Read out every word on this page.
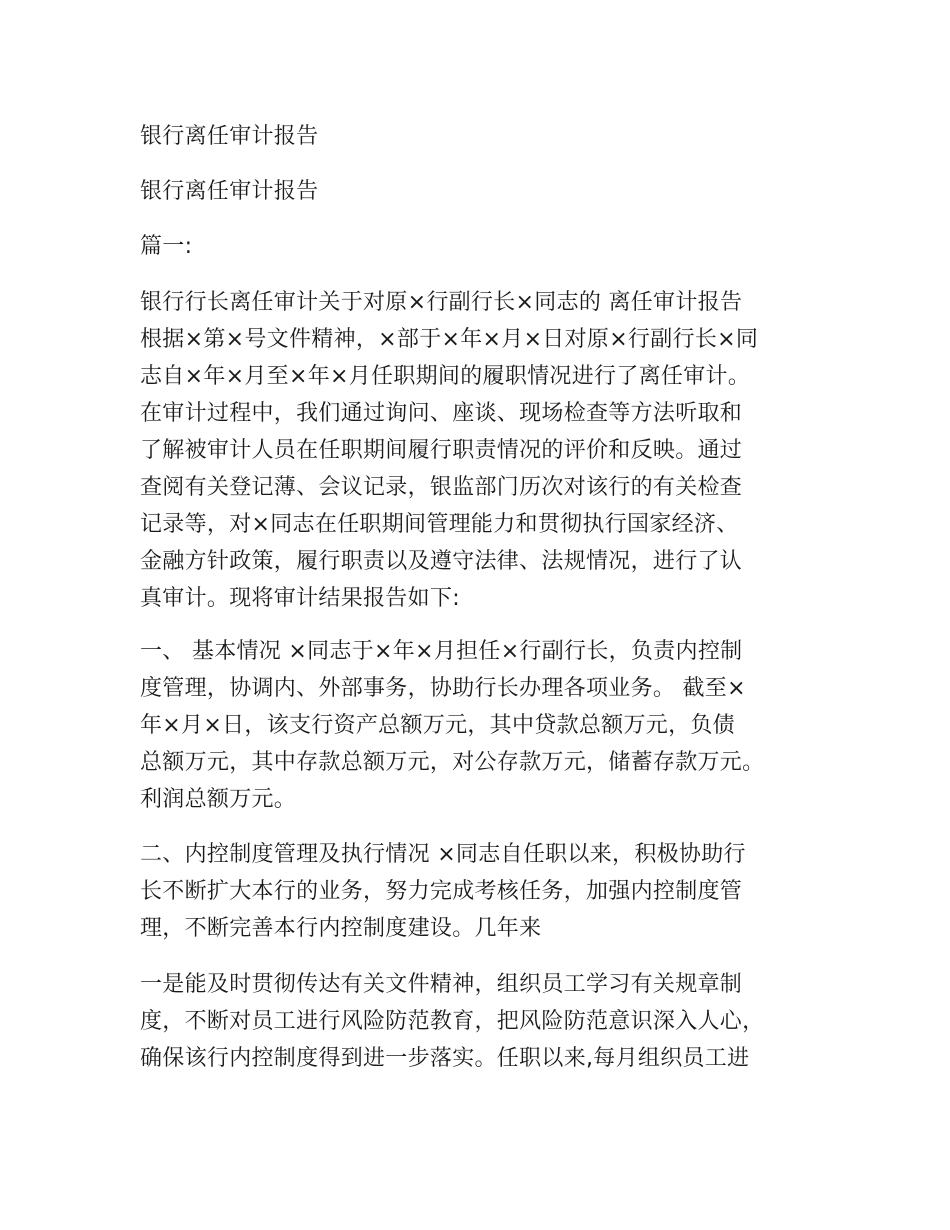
银行离任审计报告

银行离任审计报告

篇一:

银行行长离任审计关于对原×行副行长×同志的 离任审计报告
根据×第×号文件精神，×部于×年×月×日对原×行副行长×同
志自×年×月至×年×月任职期间的履职情况进行了离任审计。
在审计过程中，我们通过询问、座谈、现场检查等方法听取和
了解被审计人员在任职期间履行职责情况的评价和反映。通过
查阅有关登记薄、会议记录，银监部门历次对该行的有关检查
记录等，对×同志在任职期间管理能力和贯彻执行国家经济、
金融方针政策，履行职责以及遵守法律、法规情况，进行了认
真审计。现将审计结果报告如下:

一、 基本情况 ×同志于×年×月担任×行副行长，负责内控制
度管理，协调内、外部事务，协助行长办理各项业务。 截至×
年×月×日，该支行资产总额万元，其中贷款总额万元，负债
总额万元，其中存款总额万元，对公存款万元，储蓄存款万元。
利润总额万元。

二、内控制度管理及执行情况 ×同志自任职以来，积极协助行
长不断扩大本行的业务，努力完成考核任务，加强内控制度管
理，不断完善本行内控制度建设。几年来

一是能及时贯彻传达有关文件精神，组织员工学习有关规章制
度，不断对员工进行风险防范教育，把风险防范意识深入人心，
确保该行内控制度得到进一步落实。任职以来,每月组织员工进
